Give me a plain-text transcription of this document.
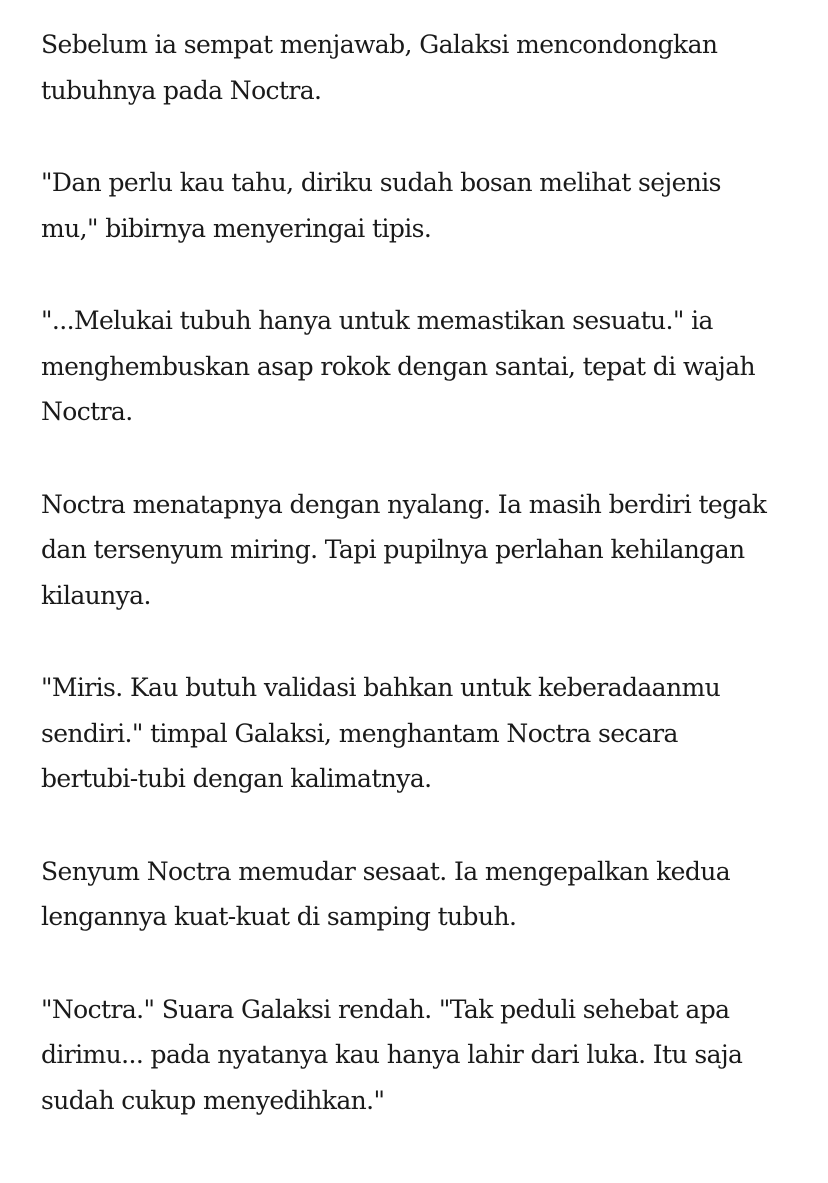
Sebelum ia sempat menjawab, Galaksi mencondongkan
tubuhnya pada Noctra.

"Dan perlu kau tahu, diriku sudah bosan melihat sejenis
mu," bibirnya menyeringai tipis.

"...Melukai tubuh hanya untuk memastikan sesuatu." ia
menghembuskan asap rokok dengan santai, tepat di wajah
Noctra.

Noctra menatapnya dengan nyalang. Ia masih berdiri tegak
dan tersenyum miring. Tapi pupilnya perlahan kehilangan
kilaunya.

"Miris. Kau butuh validasi bahkan untuk keberadaanmu
sendiri." timpal Galaksi, menghantam Noctra secara
bertubi-tubi dengan kalimatnya.

Senyum Noctra memudar sesaat. Ia mengepalkan kedua
lengannya kuat-kuat di samping tubuh.

"Noctra." Suara Galaksi rendah. "Tak peduli sehebat apa
dirimu... pada nyatanya kau hanya lahir dari luka. Itu saja
sudah cukup menyedihkan."
